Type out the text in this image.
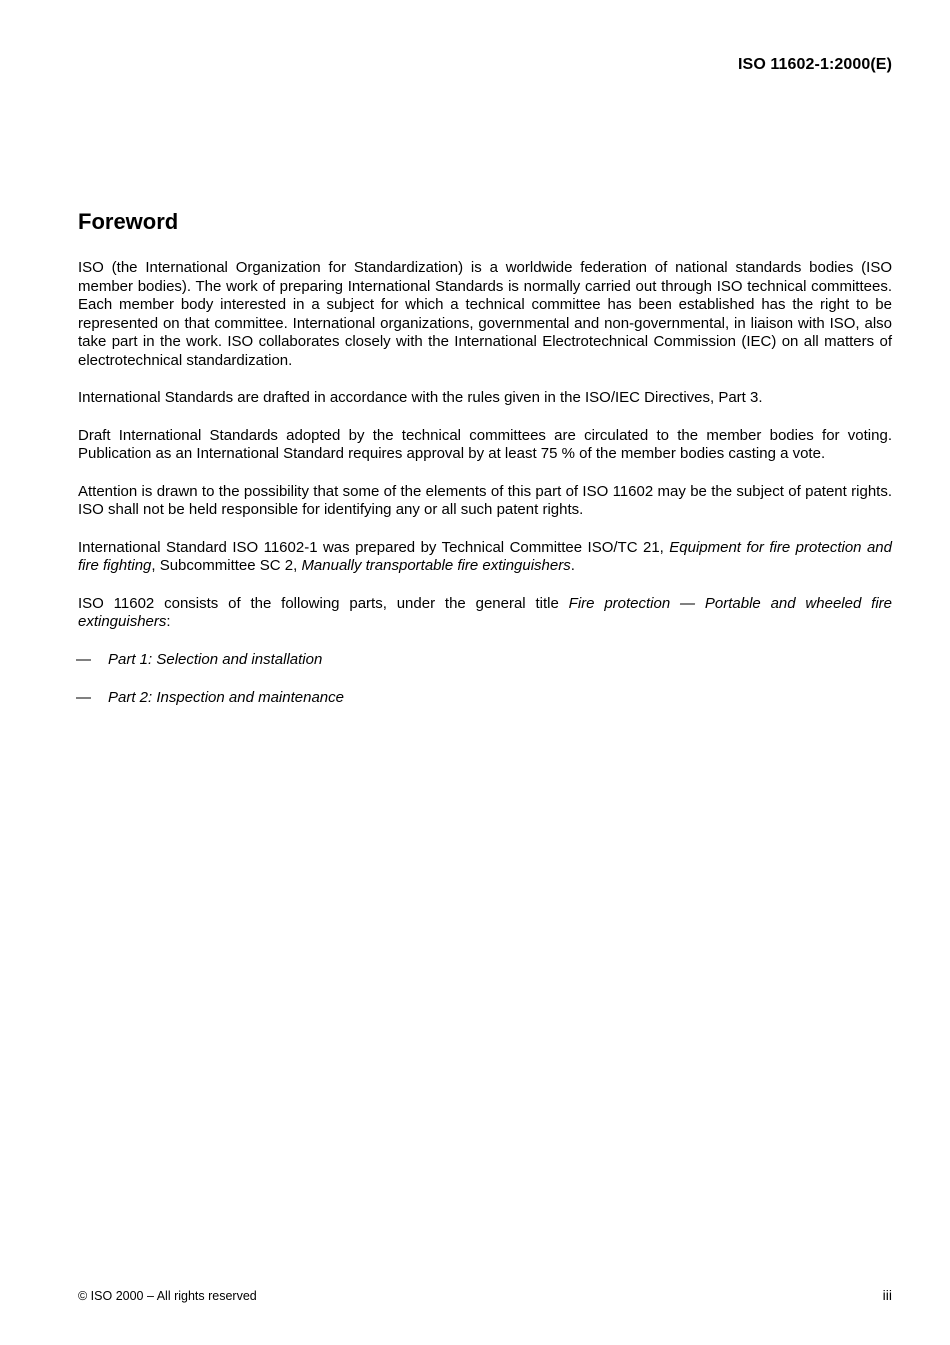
ISO 11602-1:2000(E)
Foreword

ISO (the International Organization for Standardization) is a worldwide federation of national standards bodies (ISO member bodies). The work of preparing International Standards is normally carried out through ISO technical committees. Each member body interested in a subject for which a technical committee has been established has the right to be represented on that committee. International organizations, governmental and non-governmental, in liaison with ISO, also take part in the work. ISO collaborates closely with the International Electrotechnical Commission (IEC) on all matters of electrotechnical standardization.

International Standards are drafted in accordance with the rules given in the ISO/IEC Directives, Part 3.

Draft International Standards adopted by the technical committees are circulated to the member bodies for voting. Publication as an International Standard requires approval by at least 75 % of the member bodies casting a vote.

Attention is drawn to the possibility that some of the elements of this part of ISO 11602 may be the subject of patent rights. ISO shall not be held responsible for identifying any or all such patent rights.

International Standard ISO 11602-1 was prepared by Technical Committee ISO/TC 21, Equipment for fire protection and fire fighting, Subcommittee SC 2, Manually transportable fire extinguishers.

ISO 11602 consists of the following parts, under the general title Fire protection — Portable and wheeled fire extinguishers:

— Part 1: Selection and installation
— Part 2: Inspection and maintenance
© ISO 2000 – All rights reserved	iii
